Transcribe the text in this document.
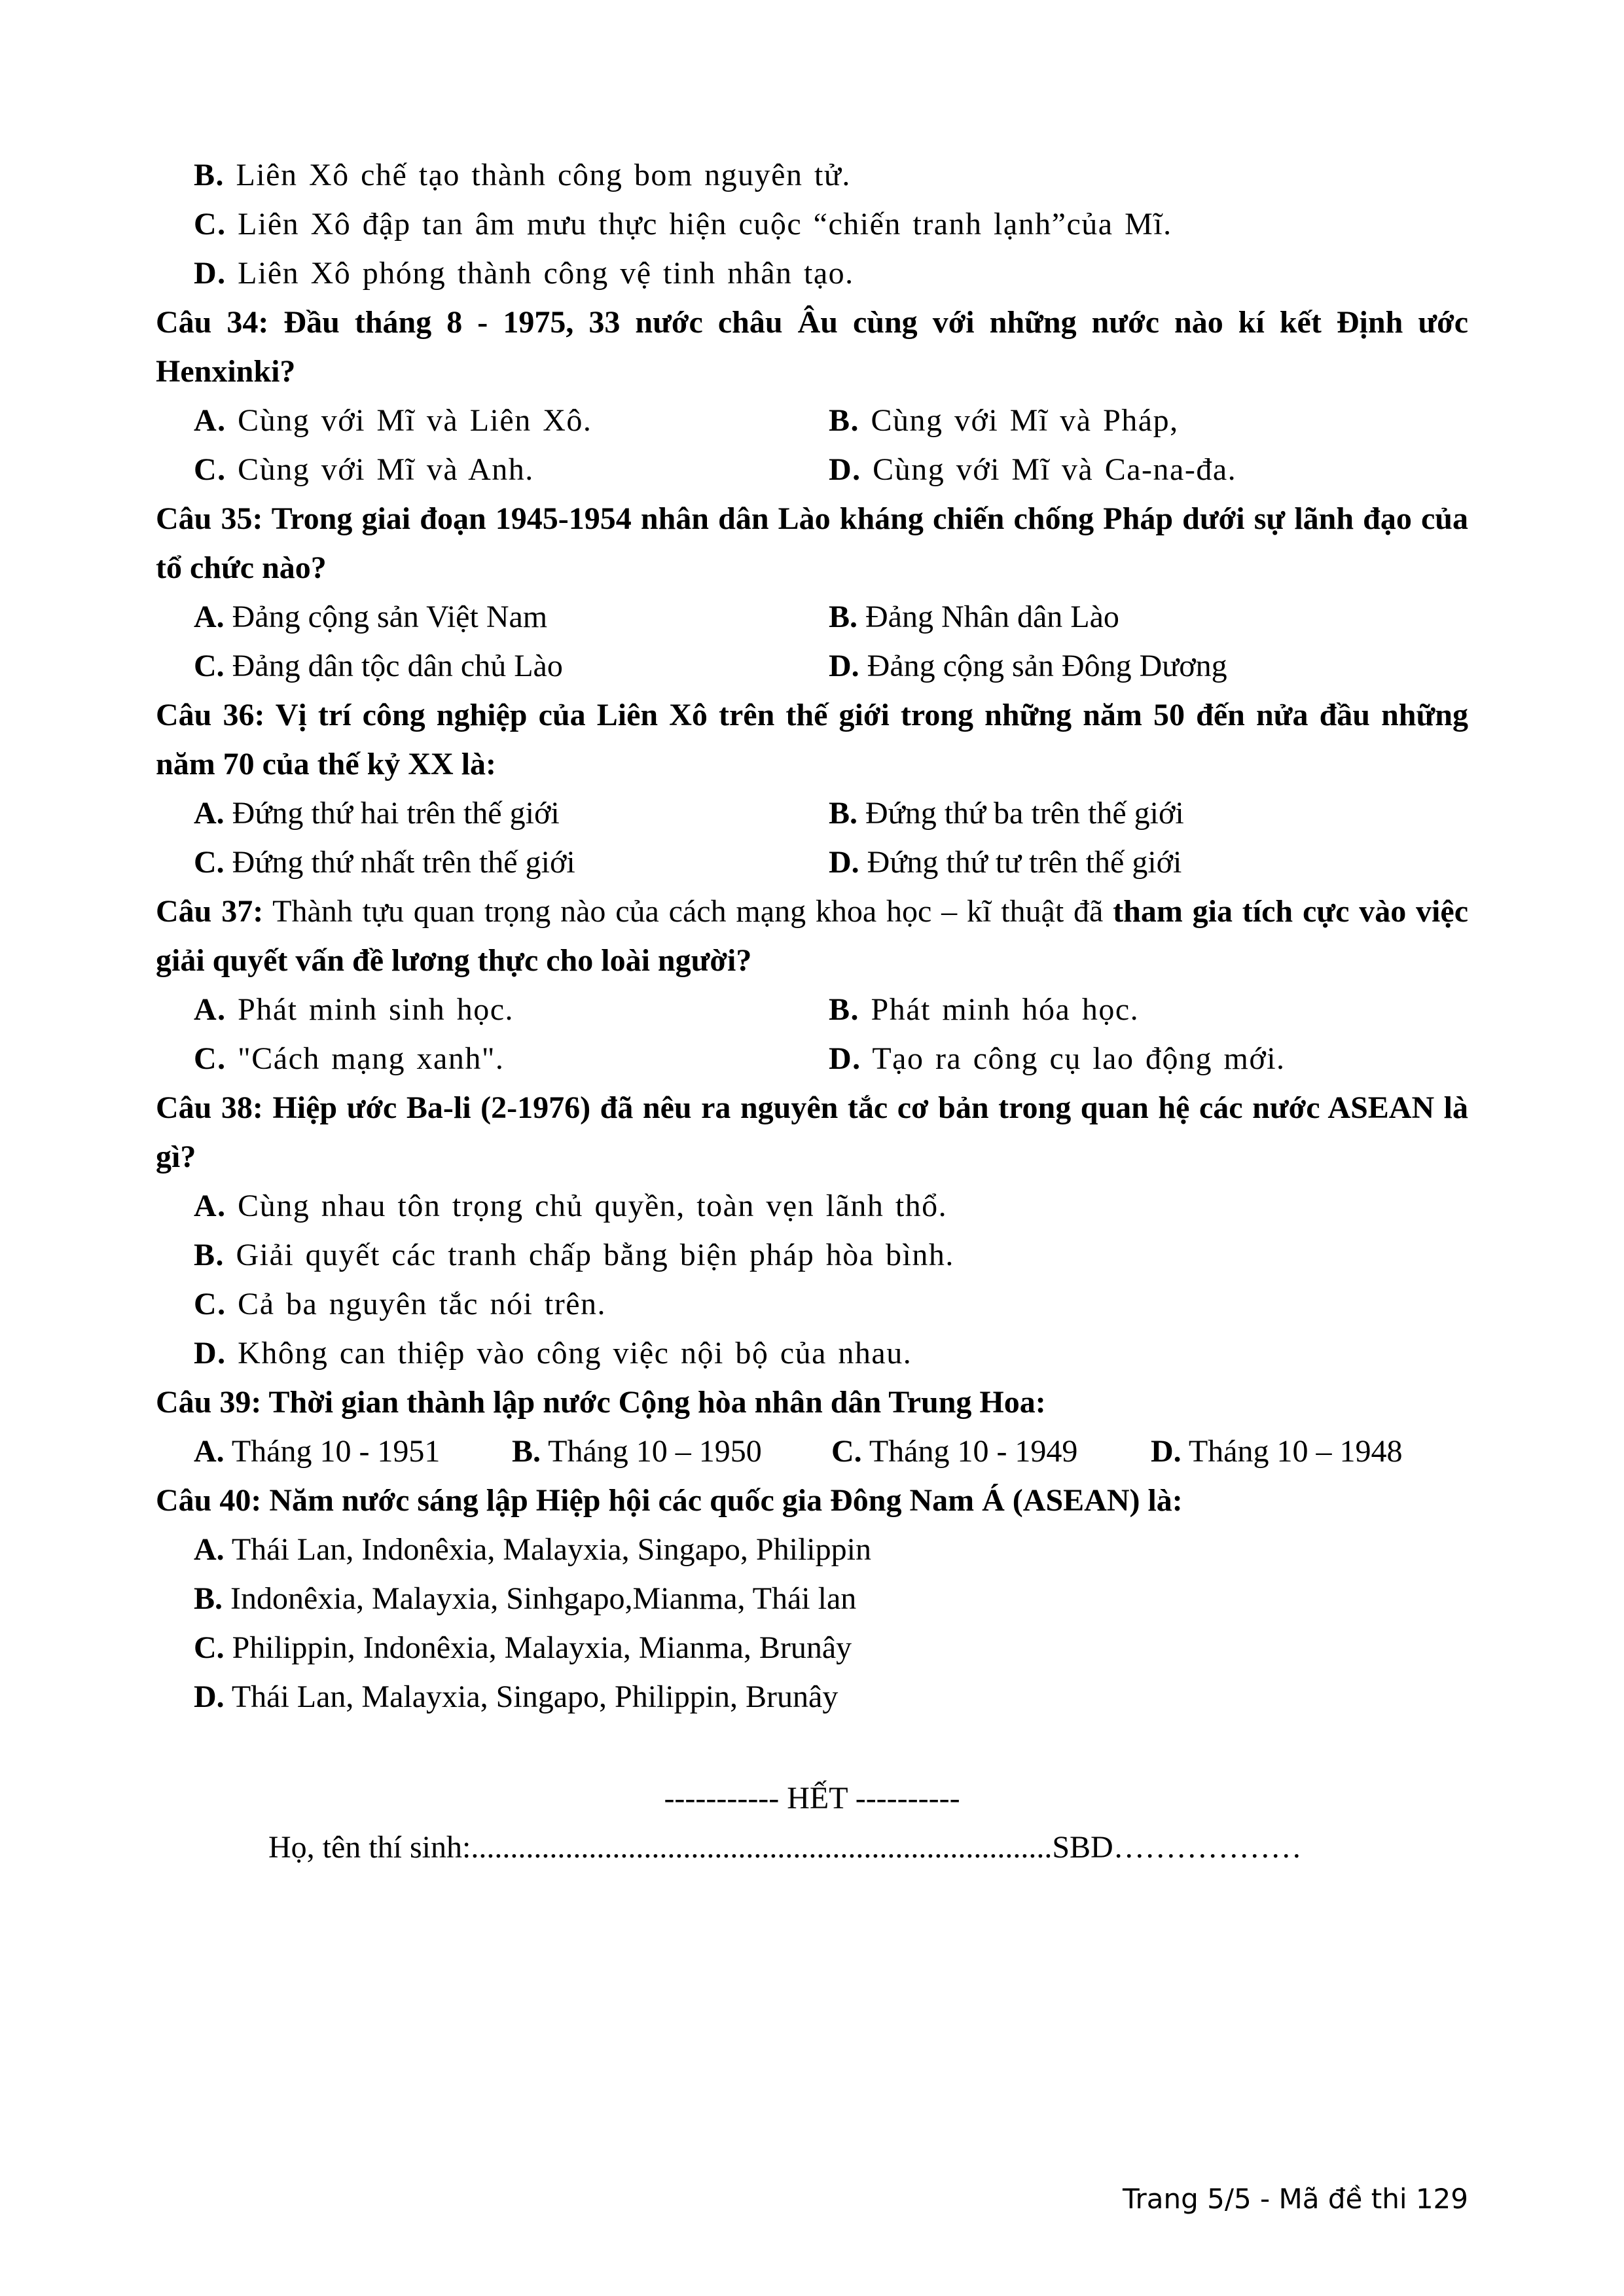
B. Liên Xô chế tạo thành công bom nguyên tử.
C. Liên Xô đập tan âm mưu thực hiện cuộc “chiến tranh lạnh”của Mĩ.
D. Liên Xô phóng thành công vệ tinh nhân tạo.
Câu 34: Đầu tháng 8 - 1975, 33 nước châu Âu cùng với những nước nào kí kết Định ước Henxinki?
A. Cùng với Mĩ và Liên Xô.	B. Cùng với Mĩ và Pháp,
C. Cùng với Mĩ và Anh.	D. Cùng với Mĩ và Ca-na-đa.
Câu 35: Trong giai đoạn 1945-1954 nhân dân Lào kháng chiến chống Pháp dưới sự lãnh đạo của tổ chức nào?
A. Đảng cộng sản Việt Nam	B. Đảng Nhân dân Lào
C. Đảng dân tộc dân chủ Lào	D. Đảng cộng sản Đông Dương
Câu 36: Vị trí công nghiệp của Liên Xô trên thế giới trong những năm 50 đến nửa đầu những năm 70 của thế kỷ XX là:
A. Đứng thứ hai trên thế giới	B. Đứng thứ ba trên thế giới
C. Đứng thứ nhất trên thế giới	D. Đứng thứ tư trên thế giới
Câu 37: Thành tựu quan trọng nào của cách mạng khoa học – kĩ thuật đã tham gia tích cực vào việc giải quyết vấn đề lương thực cho loài người?
A. Phát minh sinh học.	B. Phát minh hóa học.
C. "Cách mạng xanh".	D. Tạo ra công cụ lao động mới.
Câu 38: Hiệp ước Ba-li (2-1976) đã nêu ra nguyên tắc cơ bản trong quan hệ các nước ASEAN là gì?
A. Cùng nhau tôn trọng chủ quyền, toàn vẹn lãnh thổ.
B. Giải quyết các tranh chấp bằng biện pháp hòa bình.
C. Cả ba nguyên tắc nói trên.
D. Không can thiệp vào công việc nội bộ của nhau.
Câu 39: Thời gian thành lập nước Cộng hòa nhân dân Trung Hoa:
A. Tháng 10 - 1951 B. Tháng 10 – 1950 C. Tháng 10 - 1949 D. Tháng 10 – 1948
Câu 40: Năm nước sáng lập Hiệp hội các quốc gia Đông Nam Á (ASEAN) là:
A. Thái Lan, Indonêxia, Malayxia, Singapo, Philippin
B. Indonêxia, Malayxia, Sinhgapo,Mianma, Thái lan
C. Philippin, Indonêxia, Malayxia, Mianma, Brunây
D. Thái Lan, Malayxia, Singapo, Philippin, Brunây
----------- HẾT ----------
Họ, tên thí sinh:..........................................................................SBD………………
Trang 5/5 - Mã đề thi 129
